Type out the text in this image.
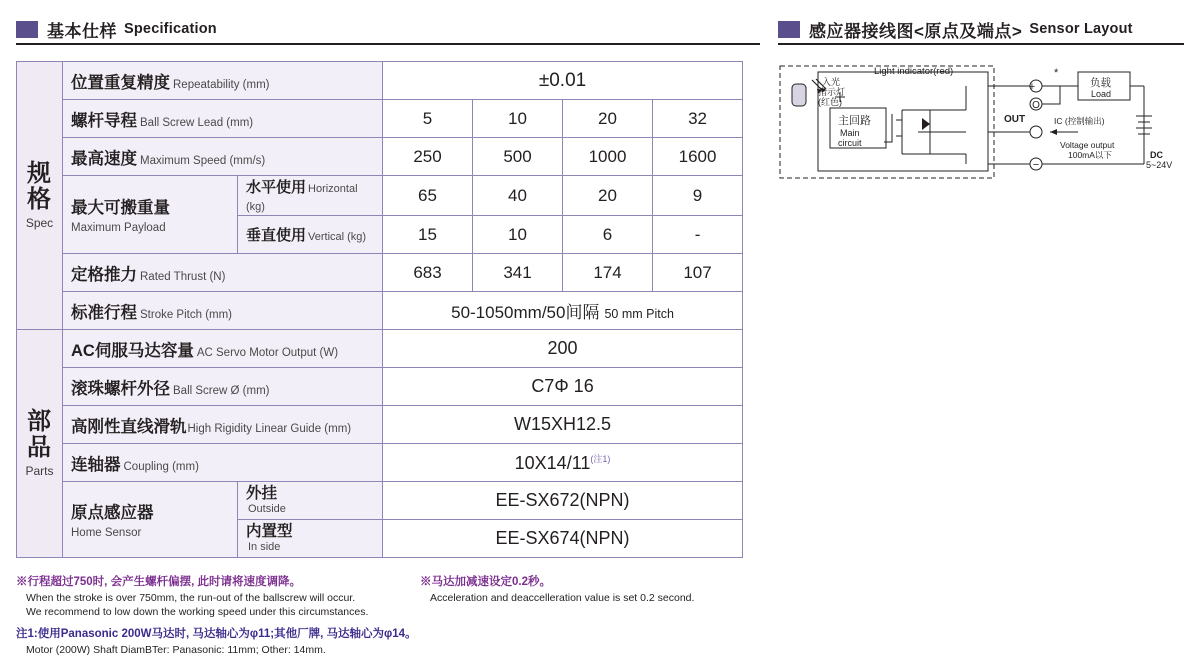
基本仕样 Specification	感应器接线图<原点及端点> Sensor Layout
规格
Spec	位置重复精度 Repeatability (mm)		±0.01			
	螺杆导程 Ball Screw Lead (mm)		5	10	20	32
	最高速度 Maximum Speed (mm/s)		250	500	1000	1600
	最大可搬重量
Maximum Payload	水平使用 Horizontal (kg)	65	40	20	9
		垂直使用 Vertical (kg)	15	10	6	-
	定格推力 Rated Thrust (N)		683	341	174	107
	标准行程 Stroke Pitch (mm)		50-1050mm/50间隔 50 mm Pitch			

部品
Parts	AC伺服马达容量 AC Servo Motor Output (W)		200			
	滚珠螺杆外径 Ball Screw Ø (mm)		C7Φ 16			
	高刚性直线滑轨High Rigidity Linear Guide (mm)		W15XH12.5			
	连轴器 Coupling (mm)		10X14/11$^{(注1)}$
	原点感应器
Home Sensor	外挂
Outside	EE-SX672(NPN)			

		内置型
In side	EE-SX674(NPN)			
※行程超过750时, 会产生螺杆偏摆, 此时请将速度调降。
When the stroke is over 750mm, the run-out of the ballscrew will occur.
We recommend to low down the working speed under this circumstances.
※马达加减速设定0.2秒。
Acceleration and deaccelleration value is set 0.2 second.
注1:使用Panasonic 200W马达时, 马达轴心为φ11;其他厂牌, 马达轴心为φ14。
Motor (200W) Shaft DiamBTer: Panasonic: 11mm; Other: 14mm.
Light indicator(red)
入光
指示灯
(红色)
主回路
Main
circuit
负载
Load
OUT	IC (控制输出)
Voltage output
100mA以下	DC
5~24V
+
O
−
*
